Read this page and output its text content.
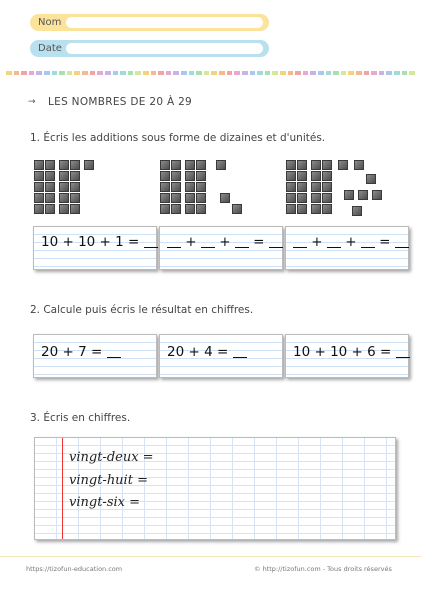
Nom
Date
→ LES NOMBRES DE 20 À 29
1. Écris les additions sous forme de dizaines et d'unités.
10 + 10 + 1 =	+ + =	+ + =
2. Calcule puis écris le résultat en chiffres.
20 + 7 =	20 + 4 =	10 + 10 + 6 =
3. Écris en chiffres.
vingt-deux =
vingt-huit =
vingt-six =
https://tizofun-education.com	© http://tizofun.com - Tous droits réservés
